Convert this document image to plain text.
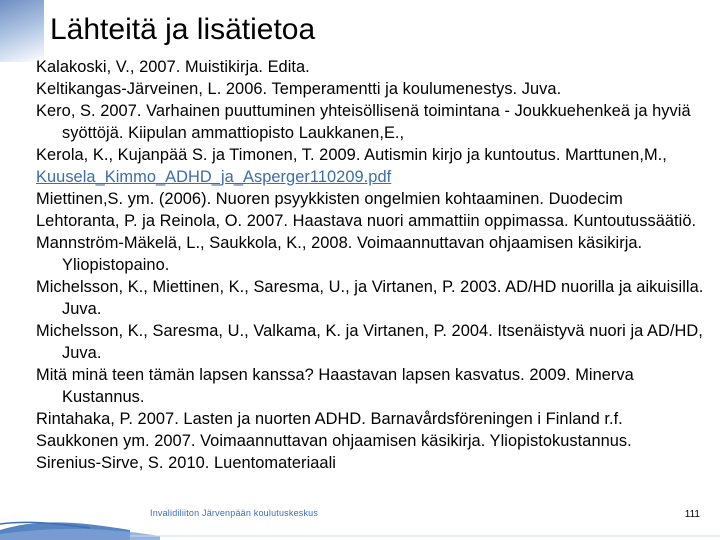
Lähteitä ja lisätietoa
Kalakoski, V., 2007. Muistikirja. Edita.
Keltikangas-Järveinen, L. 2006. Temperamentti ja koulumenestys. Juva.
Kero, S. 2007. Varhainen puuttuminen yhteisöllisenä toimintana - Joukkuehenkeä ja hyviä syöttöjä. Kiipulan ammattiopisto Laukkanen,E.,
Kerola, K., Kujanpää S. ja Timonen, T. 2009. Autismin kirjo ja kuntoutus. Marttunen,M.,
Kuusela_Kimmo_ADHD_ja_Asperger110209.pdf
Miettinen,S. ym. (2006). Nuoren psyykkisten ongelmien kohtaaminen. Duodecim
Lehtoranta, P. ja Reinola, O. 2007. Haastava nuori ammattiin oppimassa. Kuntoutussäätiö.
Mannström-Mäkelä, L., Saukkola, K., 2008. Voimaannuttavan ohjaamisen käsikirja. Yliopistopaino.
Michelsson, K., Miettinen, K., Saresma, U., ja Virtanen, P. 2003. AD/HD nuorilla ja aikuisilla. Juva.
Michelsson, K., Saresma, U., Valkama, K. ja Virtanen, P. 2004. Itsenäistyvä nuori ja AD/HD, Juva.
Mitä minä teen tämän lapsen kanssa? Haastavan lapsen kasvatus. 2009. Minerva Kustannus.
Rintahaka, P. 2007. Lasten ja nuorten ADHD. Barnavårdsföreningen i Finland r.f.
Saukkonen ym. 2007. Voimaannuttavan ohjaamisen käsikirja. Yliopistokustannus.
Sirenius-Sirve, S. 2010. Luentomateriaali
Invalidiliiton Järvenpään koulutuskeskus	111
